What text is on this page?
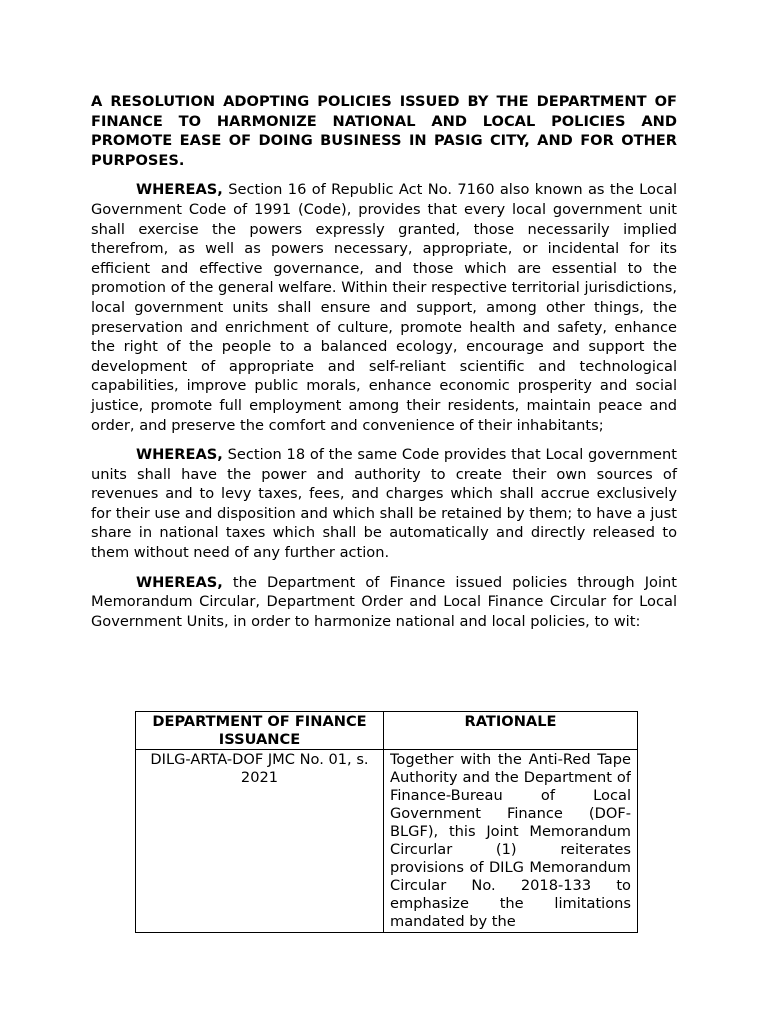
A RESOLUTION ADOPTING POLICIES ISSUED BY THE DEPARTMENT OF FINANCE TO HARMONIZE NATIONAL AND LOCAL POLICIES AND PROMOTE EASE OF DOING BUSINESS IN PASIG CITY, AND FOR OTHER PURPOSES.

WHEREAS, Section 16 of Republic Act No. 7160 also known as the Local Government Code of 1991 (Code), provides that every local government unit shall exercise the powers expressly granted, those necessarily implied therefrom, as well as powers necessary, appropriate, or incidental for its efficient and effective governance, and those which are essential to the promotion of the general welfare. Within their respective territorial jurisdictions, local government units shall ensure and support, among other things, the preservation and enrichment of culture, promote health and safety, enhance the right of the people to a balanced ecology, encourage and support the development of appropriate and self-reliant scientific and technological capabilities, improve public morals, enhance economic prosperity and social justice, promote full employment among their residents, maintain peace and order, and preserve the comfort and convenience of their inhabitants;

WHEREAS, Section 18 of the same Code provides that Local government units shall have the power and authority to create their own sources of revenues and to levy taxes, fees, and charges which shall accrue exclusively for their use and disposition and which shall be retained by them; to have a just share in national taxes which shall be automatically and directly released to them without need of any further action.

WHEREAS, the Department of Finance issued policies through Joint Memorandum Circular, Department Order and Local Finance Circular for Local Government Units, in order to harmonize national and local policies, to wit:

DEPARTMENT OF FINANCE ISSUANCE	RATIONALE
DILG-ARTA-DOF JMC No. 01, s. 2021	Together with the Anti-Red Tape Authority and the Department of Finance-Bureau of Local Government Finance (DOF-BLGF), this Joint Memorandum Circurlar (1) reiterates provisions of DILG Memorandum Circular No. 2018-133 to emphasize the limitations mandated by the
